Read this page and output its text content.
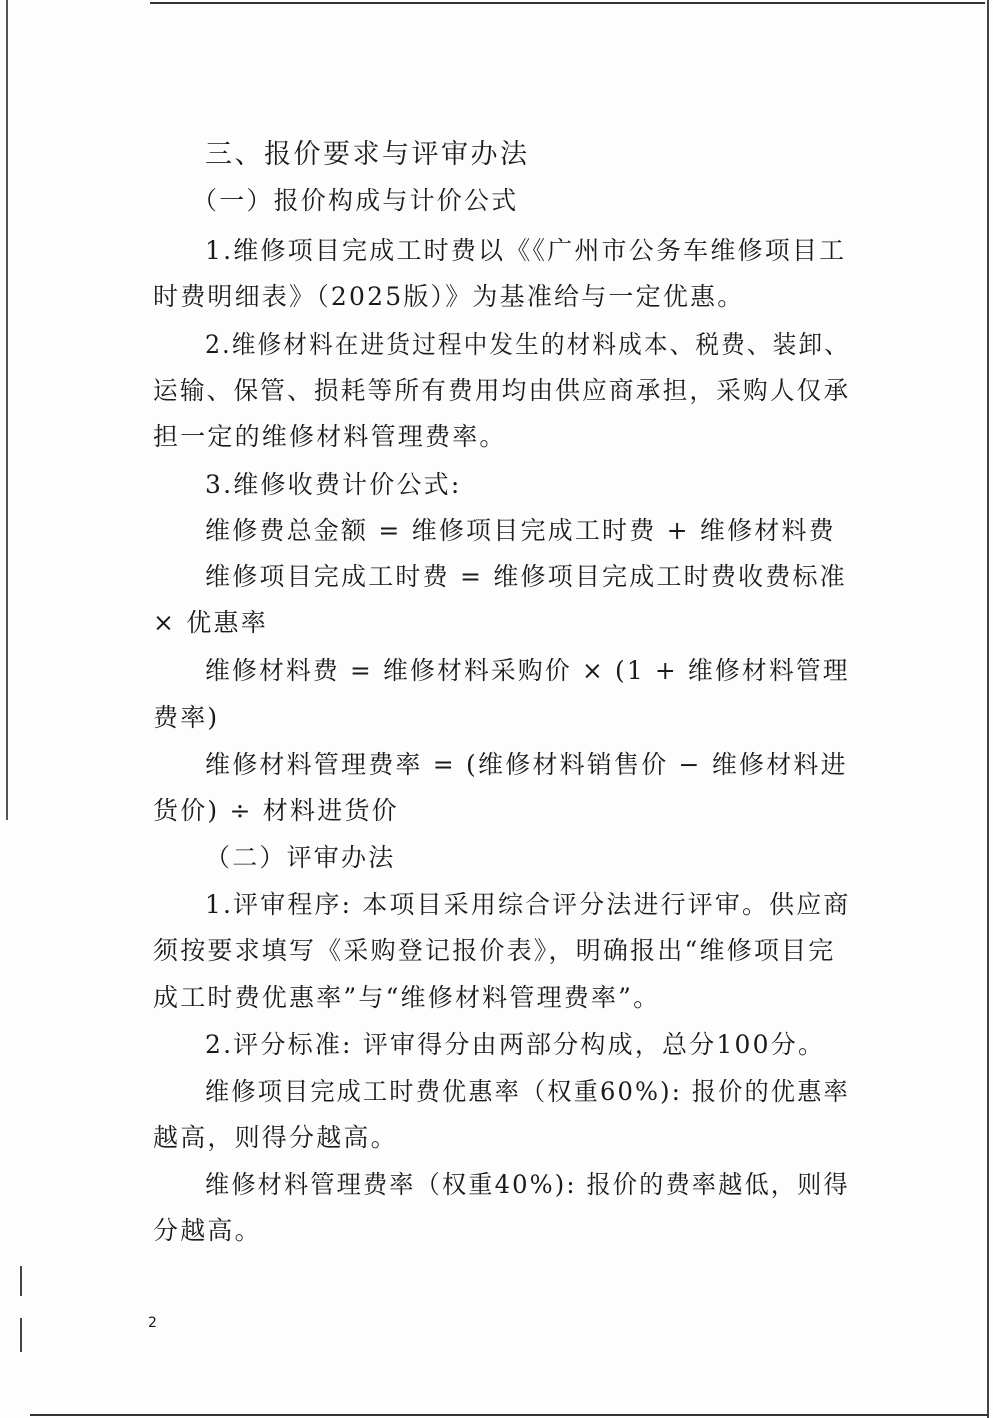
三、报价要求与评审办法
（一）报价构成与计价公式
1.维修项目完成工时费以《《广州市公务车维修项目工
时费明细表》（2025版）》为基准给与一定优惠。
2.维修材料在进货过程中发生的材料成本、税费、装卸、
运输、保管、损耗等所有费用均由供应商承担，采购人仅承
担一定的维修材料管理费率。
3.维修收费计价公式:
维修费总金额 = 维修项目完成工时费 + 维修材料费
维修项目完成工时费 = 维修项目完成工时费收费标准
× 优惠率
维修材料费 = 维修材料采购价 × (1 + 维修材料管理
费率)
维修材料管理费率 = (维修材料销售价 − 维修材料进
货价) ÷ 材料进货价
（二）评审办法
1.评审程序: 本项目采用综合评分法进行评审。供应商
须按要求填写《采购登记报价表》，明确报出“维修项目完
成工时费优惠率”与“维修材料管理费率”。
2.评分标准: 评审得分由两部分构成，总分100分。
维修项目完成工时费优惠率（权重60%): 报价的优惠率
越高，则得分越高。
维修材料管理费率（权重40%): 报价的费率越低，则得
分越高。
2
